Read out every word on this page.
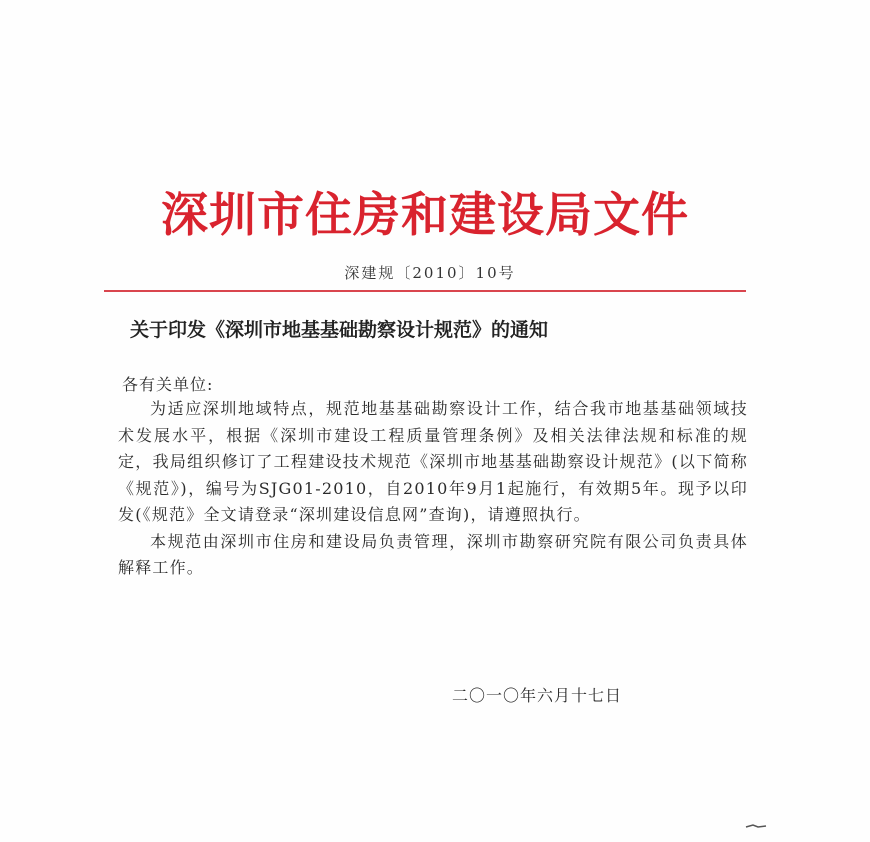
深圳市住房和建设局文件
深建规〔2010〕10号
关于印发《深圳市地基基础勘察设计规范》的通知
各有关单位:

为适应深圳地域特点，规范地基基础勘察设计工作，结合我市地基基础领域技术发展水平，根据《深圳市建设工程质量管理条例》及相关法律法规和标准的规定，我局组织修订了工程建设技术规范《深圳市地基基础勘察设计规范》(以下简称《规范》)，编号为SJG01-2010，自2010年9月1起施行，有效期5年。现予以印发(《规范》全文请登录“深圳建设信息网”查询)，请遵照执行。

本规范由深圳市住房和建设局负责管理，深圳市勘察研究院有限公司负责具体解释工作。

二〇一〇年六月十七日
